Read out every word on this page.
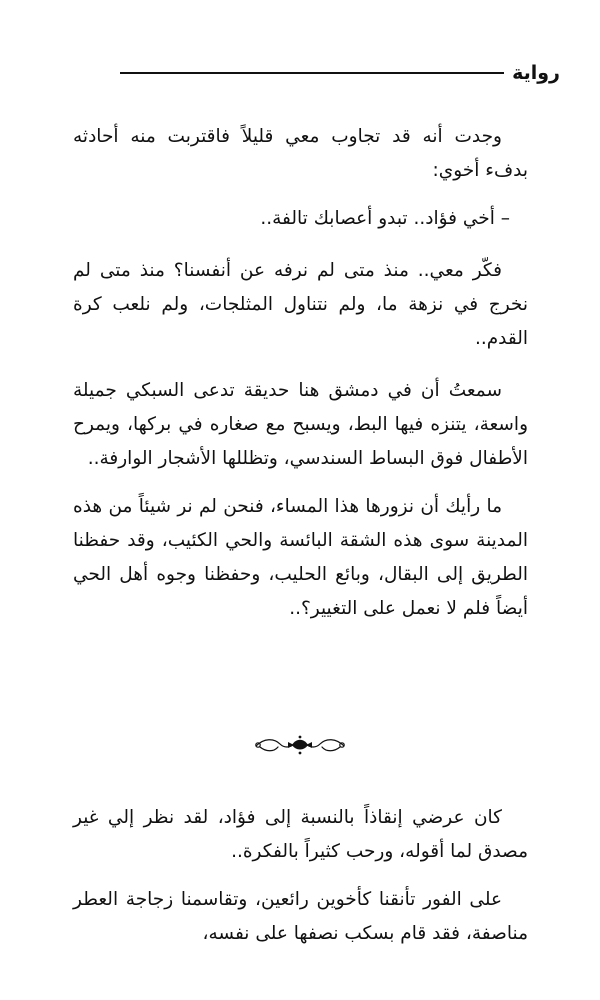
رواية

وجدت أنه قد تجاوب معي قليلاً فاقتربت منه أحادثه بدفء أخوي:

– أخي فؤاد.. تبدو أعصابك تالفة..

فكّر معي.. منذ متى لم نرفه عن أنفسنا؟ منذ متى لم نخرج في نزهة ما، ولم نتناول المثلجات، ولم نلعب كرة القدم..

سمعتُ أن في دمشق هنا حديقة تدعى السبكي جميلة واسعة، يتنزه فيها البط، ويسبح مع صغاره في بركها، ويمرح الأطفال فوق البساط السندسي، وتظللها الأشجار الوارفة..

ما رأيك أن نزورها هذا المساء، فنحن لم نر شيئاً من هذه المدينة سوى هذه الشقة البائسة والحي الكئيب، وقد حفظنا الطريق إلى البقال، وبائع الحليب، وحفظنا وجوه أهل الحي أيضاً فلم لا نعمل على التغيير؟..

كان عرضي إنقاذاً بالنسبة إلى فؤاد، لقد نظر إلي غير مصدق لما أقوله، ورحب كثيراً بالفكرة..

على الفور تأنقنا كأخوين رائعين، وتقاسمنا زجاجة العطر مناصفة، فقد قام بسكب نصفها على نفسه،
